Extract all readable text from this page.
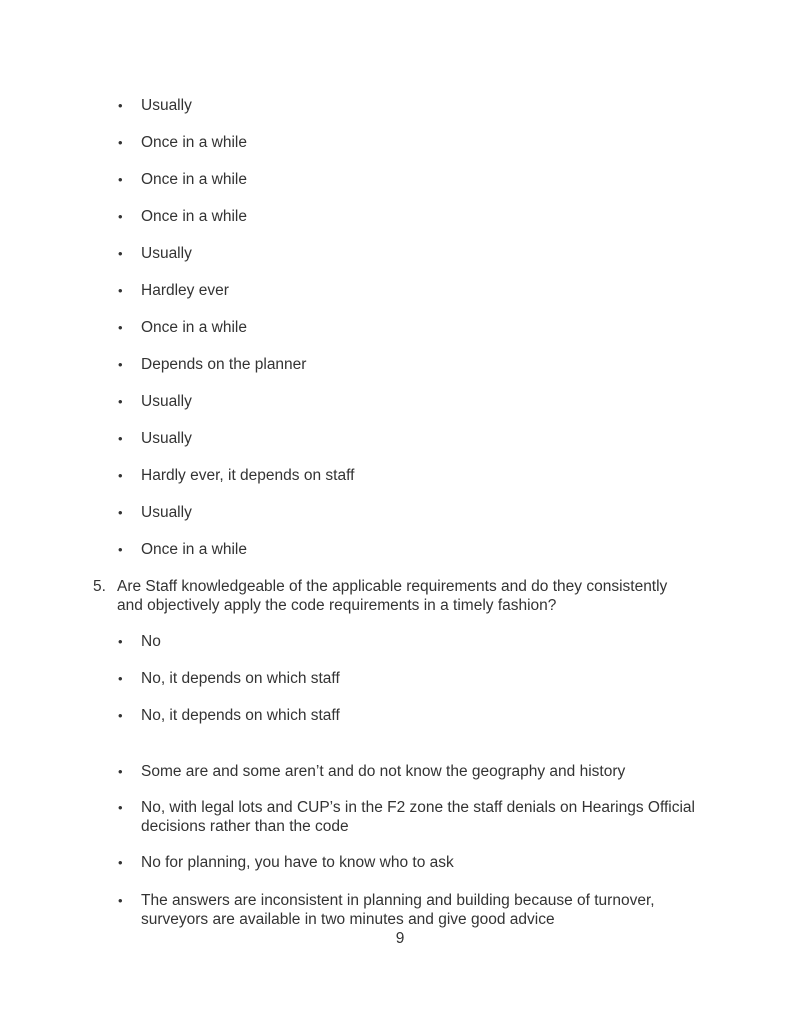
•	Usually
•	Once in a while
•	Once in a while
•	Once in a while
•	Usually
•	Hardley ever
•	Once in a while
•	Depends on the planner
•	Usually
•	Usually
•	Hardly ever, it depends on staff
•	Usually
•	Once in a while
5. Are Staff knowledgeable of the applicable requirements and do they consistently and objectively apply the code requirements in a timely fashion?
•	No
•	No, it depends on which staff
•	No, it depends on which staff
•	Some are and some aren’t and do not know the geography and history
•	No, with legal lots and CUP’s in the F2 zone the staff denials on Hearings Official decisions rather than the code
•	No for planning, you have to know who to ask
•	The answers are inconsistent in planning and building because of turnover, surveyors are available in two minutes and give good advice
9
